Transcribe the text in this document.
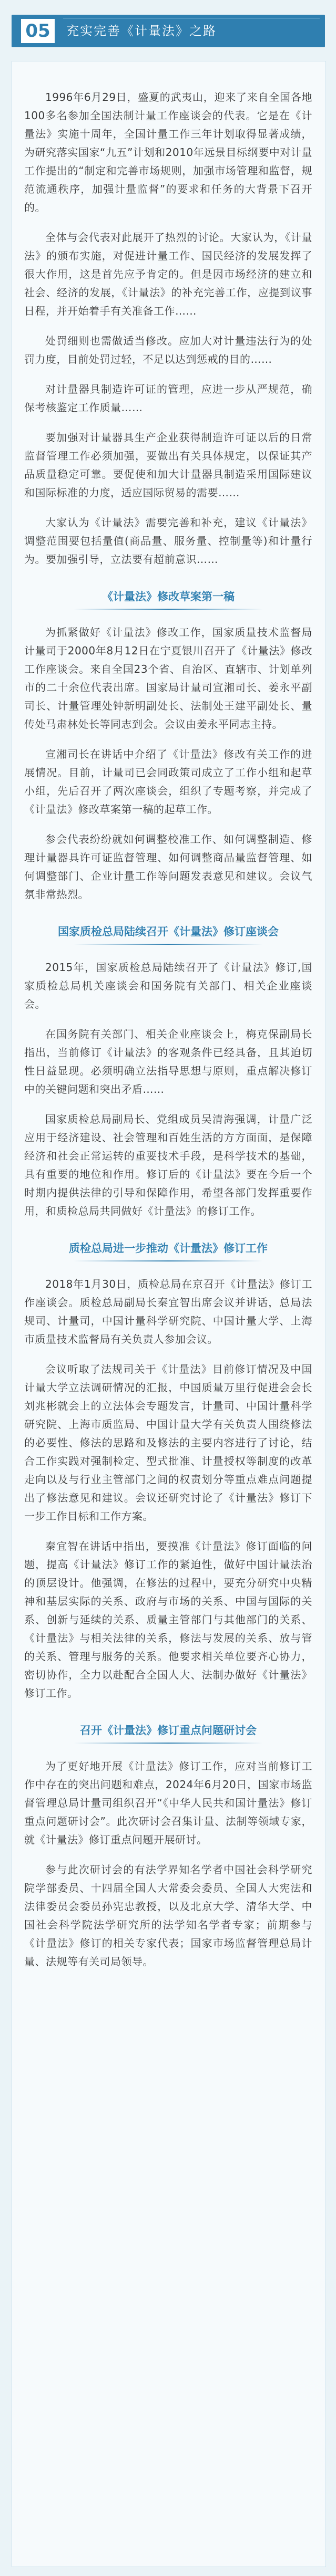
05	充实完善《计量法》之路

1996年6月29日，盛夏的武夷山，迎来了来自全国各地100多名参加全国法制计量工作座谈会的代表。它是在《计量法》实施十周年，全国计量工作三年计划取得显著成绩，为研究落实国家“九五”计划和2010年远景目标纲要中对计量工作提出的“制定和完善市场规则，加强市场管理和监督，规范流通秩序，加强计量监督”的要求和任务的大背景下召开的。

全体与会代表对此展开了热烈的讨论。大家认为，《计量法》的颁布实施，对促进计量工作、国民经济的发展发挥了很大作用，这是首先应予肯定的。但是因市场经济的建立和社会、经济的发展，《计量法》的补充完善工作，应提到议事日程，并开始着手有关准备工作……

处罚细则也需做适当修改。应加大对计量违法行为的处罚力度，目前处罚过轻，不足以达到惩戒的目的……

对计量器具制造许可证的管理，应进一步从严规范，确保考核鉴定工作质量……

要加强对计量器具生产企业获得制造许可证以后的日常监督管理工作必须加强，要做出有关具体规定，以保证其产品质量稳定可靠。要促使和加大计量器具制造采用国际建议和国际标准的力度，适应国际贸易的需要……

大家认为《计量法》需要完善和补充，建议《计量法》调整范围要包括量值(商品量、服务量、控制量等)和计量行为。要加强引导，立法要有超前意识……

《计量法》修改草案第一稿

为抓紧做好《计量法》修改工作，国家质量技术监督局计量司于2000年8月12日在宁夏银川召开了《计量法》修改工作座谈会。来自全国23个省、自治区、直辖市、计划单列市的二十余位代表出席。国家局计量司宣湘司长、姜永平副司长、计量管理处钟新明副处长、法制处王建平副处长、量传处马肃林处长等同志到会。会议由姜永平同志主持。

宣湘司长在讲话中介绍了《计量法》修改有关工作的进展情况。目前，计量司已会同政策司成立了工作小组和起草小组，先后召开了两次座谈会，组织了专题考察，并完成了《计量法》修改草案第一稿的起草工作。

参会代表纷纷就如何调整校准工作、如何调整制造、修理计量器具许可证监督管理、如何调整商品量监督管理、如何调整部门、企业计量工作等问题发表意见和建议。会议气氛非常热烈。

国家质检总局陆续召开《计量法》修订座谈会

2015年，国家质检总局陆续召开了《计量法》修订,国家质检总局机关座谈会和国务院有关部门、相关企业座谈会。

在国务院有关部门、相关企业座谈会上，梅克保副局长指出，当前修订《计量法》的客观条件已经具备，且其迫切性日益显现。必须明确立法指导思想与原则，重点解决修订中的关键问题和突出矛盾……

国家质检总局副局长、党组成员吴清海强调，计量广泛应用于经济建设、社会管理和百姓生活的方方面面，是保障经济和社会正常运转的重要技术手段，是科学技术的基础，具有重要的地位和作用。修订后的《计量法》要在今后一个时期内提供法律的引导和保障作用，希望各部门发挥重要作用，和质检总局共同做好《计量法》的修订工作。

质检总局进一步推动《计量法》修订工作

2018年1月30日，质检总局在京召开《计量法》修订工作座谈会。质检总局副局长秦宜智出席会议并讲话，总局法规司、计量司，中国计量科学研究院、中国计量大学、上海市质量技术监督局有关负责人参加会议。

会议听取了法规司关于《计量法》目前修订情况及中国计量大学立法调研情况的汇报，中国质量万里行促进会会长刘兆彬就会上的立法体会专题发言，计量司、中国计量科学研究院、上海市质监局、中国计量大学有关负责人围绕修法的必要性、修法的思路和及修法的主要内容进行了讨论，结合工作实践对强制检定、型式批准、计量授权等制度的改革走向以及与行业主管部门之间的权责划分等重点难点问题提出了修法意见和建议。会议还研究讨论了《计量法》修订下一步工作目标和工作方案。

秦宜智在讲话中指出，要摸准《计量法》修订面临的问题，提高《计量法》修订工作的紧迫性，做好中国计量法治的顶层设计。他强调，在修法的过程中，要充分研究中央精神和基层实际的关系、政府与市场的关系、中国与国际的关系、创新与延续的关系、质量主管部门与其他部门的关系、《计量法》与相关法律的关系，修法与发展的关系、放与管的关系、管理与服务的关系。他要求相关单位要齐心协力，密切协作，全力以赴配合全国人大、法制办做好《计量法》修订工作。

召开《计量法》修订重点问题研讨会

为了更好地开展《计量法》修订工作，应对当前修订工作中存在的突出问题和难点，2024年6月20日，国家市场监督管理总局计量司组织召开“《中华人民共和国计量法》修订重点问题研讨会”。此次研讨会召集计量、法制等领域专家，就《计量法》修订重点问题开展研讨。

参与此次研讨会的有法学界知名学者中国社会科学研究院学部委员、十四届全国人大常委会委员、全国人大宪法和法律委员会委员孙宪忠教授，以及北京大学、清华大学、中国社会科学院法学研究所的法学知名学者专家；前期参与《计量法》修订的相关专家代表；国家市场监督管理总局计量、法规等有关司局领导。
